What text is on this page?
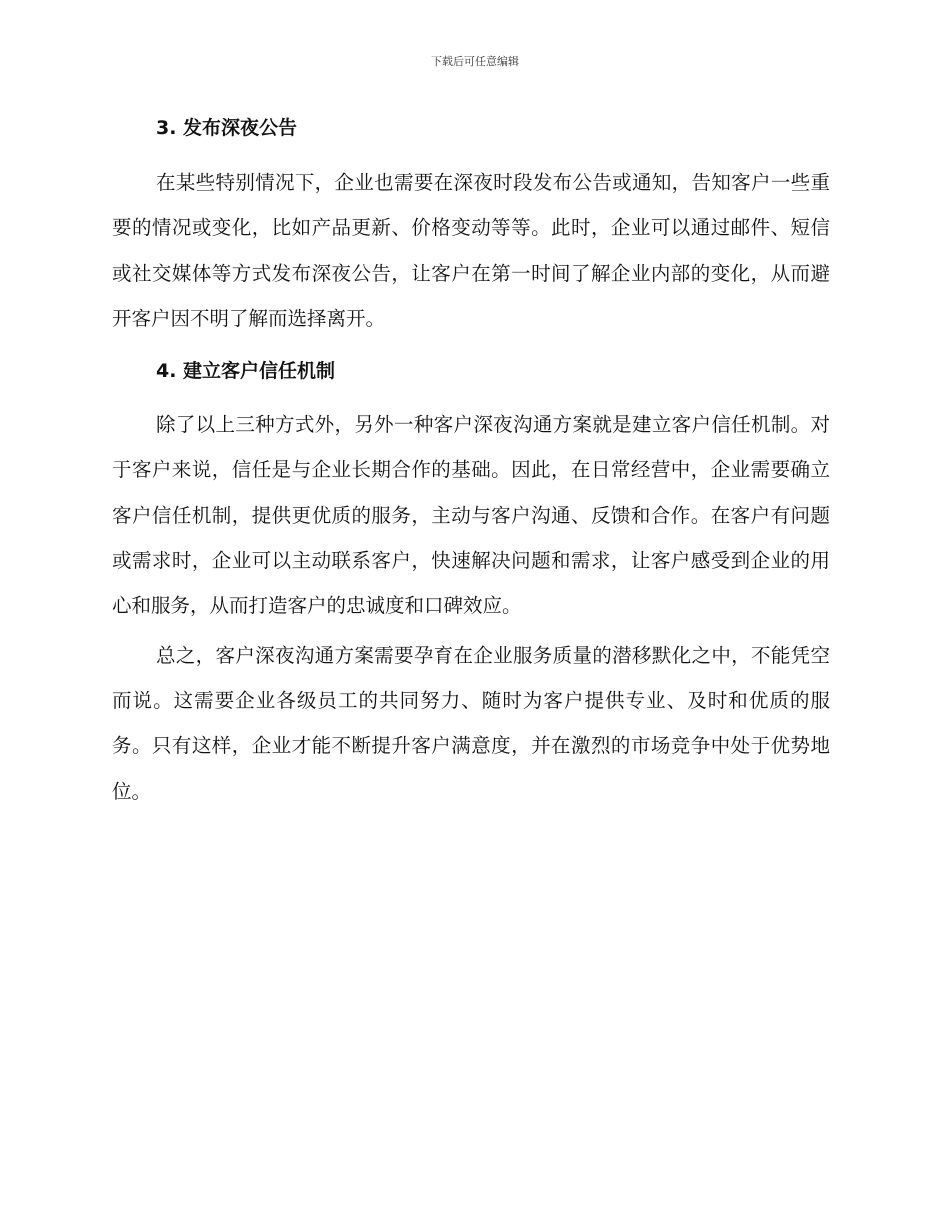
下载后可任意编辑
3. 发布深夜公告

在某些特别情况下，企业也需要在深夜时段发布公告或通知，告知客户一些重要的情况或变化，比如产品更新、价格变动等等。此时，企业可以通过邮件、短信或社交媒体等方式发布深夜公告，让客户在第一时间了解企业内部的变化，从而避开客户因不明了解而选择离开。

4. 建立客户信任机制

除了以上三种方式外，另外一种客户深夜沟通方案就是建立客户信任机制。对于客户来说，信任是与企业长期合作的基础。因此，在日常经营中，企业需要确立客户信任机制，提供更优质的服务，主动与客户沟通、反馈和合作。在客户有问题或需求时，企业可以主动联系客户，快速解决问题和需求，让客户感受到企业的用心和服务，从而打造客户的忠诚度和口碑效应。

总之，客户深夜沟通方案需要孕育在企业服务质量的潜移默化之中，不能凭空而说。这需要企业各级员工的共同努力、随时为客户提供专业、及时和优质的服务。只有这样，企业才能不断提升客户满意度，并在激烈的市场竞争中处于优势地位。
